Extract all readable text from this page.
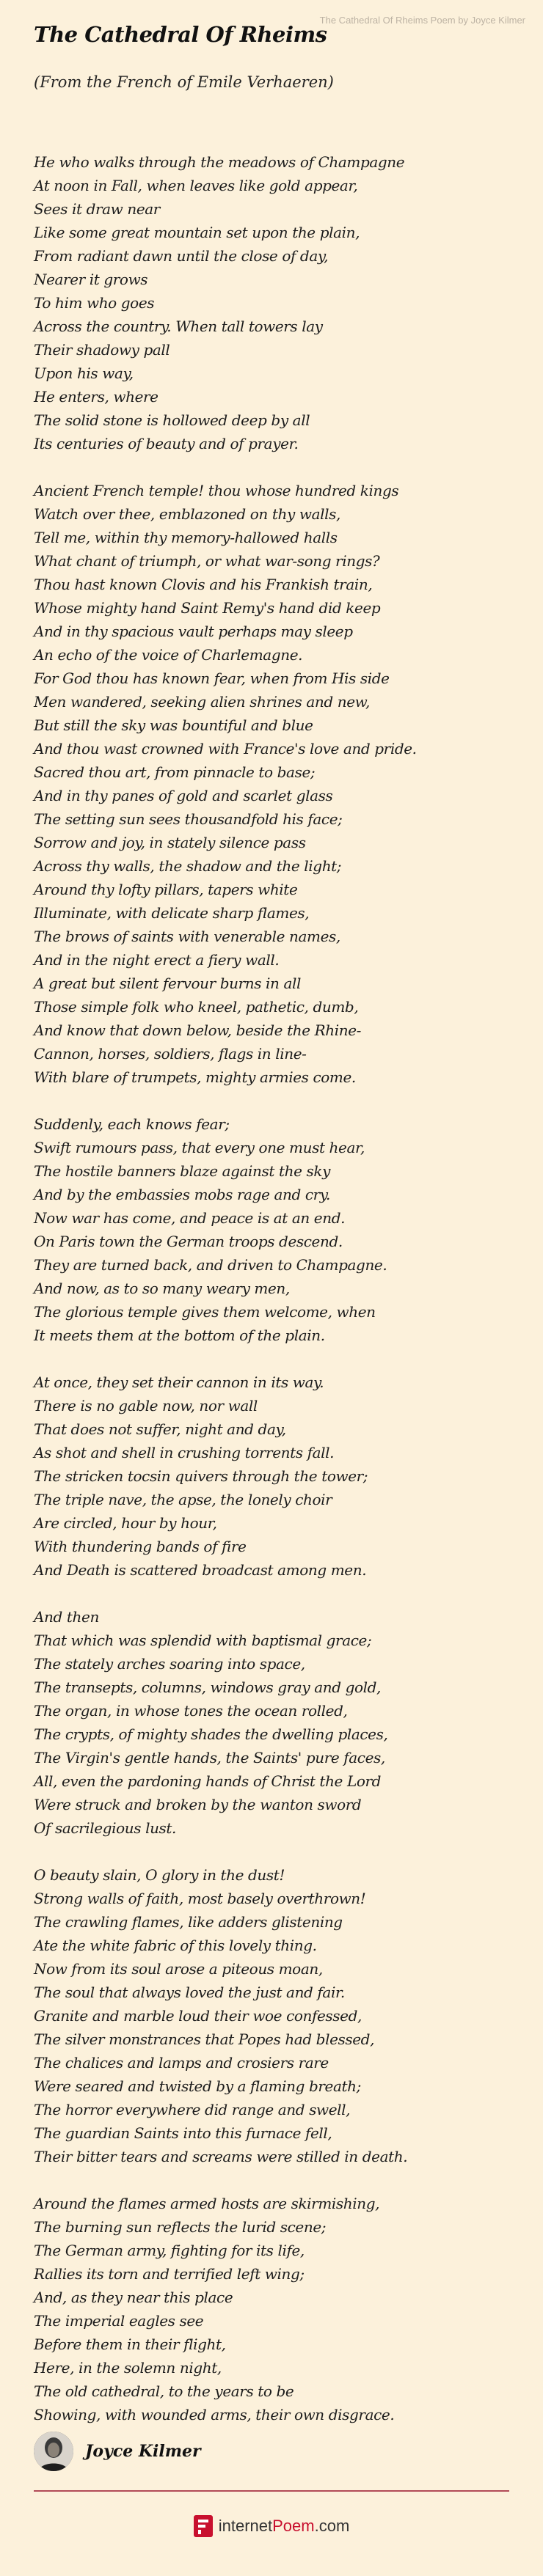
The Cathedral Of Rheims Poem by Joyce Kilmer
The Cathedral Of Rheims

(From the French of Emile Verhaeren)

He who walks through the meadows of Champagne
At noon in Fall, when leaves like gold appear,
Sees it draw near
Like some great mountain set upon the plain,
From radiant dawn until the close of day,
Nearer it grows
To him who goes
Across the country. When tall towers lay
Their shadowy pall
Upon his way,
He enters, where
The solid stone is hollowed deep by all
Its centuries of beauty and of prayer.
Ancient French temple! thou whose hundred kings
Watch over thee, emblazoned on thy walls,
Tell me, within thy memory-hallowed halls
What chant of triumph, or what war-song rings?
Thou hast known Clovis and his Frankish train,
Whose mighty hand Saint Remy's hand did keep
And in thy spacious vault perhaps may sleep
An echo of the voice of Charlemagne.
For God thou has known fear, when from His side
Men wandered, seeking alien shrines and new,
But still the sky was bountiful and blue
And thou wast crowned with France's love and pride.
Sacred thou art, from pinnacle to base;
And in thy panes of gold and scarlet glass
The setting sun sees thousandfold his face;
Sorrow and joy, in stately silence pass
Across thy walls, the shadow and the light;
Around thy lofty pillars, tapers white
Illuminate, with delicate sharp flames,
The brows of saints with venerable names,
And in the night erect a fiery wall.
A great but silent fervour burns in all
Those simple folk who kneel, pathetic, dumb,
And know that down below, beside the Rhine-
Cannon, horses, soldiers, flags in line-
With blare of trumpets, mighty armies come.
Suddenly, each knows fear;
Swift rumours pass, that every one must hear,
The hostile banners blaze against the sky
And by the embassies mobs rage and cry.
Now war has come, and peace is at an end.
On Paris town the German troops descend.
They are turned back, and driven to Champagne.
And now, as to so many weary men,
The glorious temple gives them welcome, when
It meets them at the bottom of the plain.
At once, they set their cannon in its way.
There is no gable now, nor wall
That does not suffer, night and day,
As shot and shell in crushing torrents fall.
The stricken tocsin quivers through the tower;
The triple nave, the apse, the lonely choir
Are circled, hour by hour,
With thundering bands of fire
And Death is scattered broadcast among men.
And then
That which was splendid with baptismal grace;
The stately arches soaring into space,
The transepts, columns, windows gray and gold,
The organ, in whose tones the ocean rolled,
The crypts, of mighty shades the dwelling places,
The Virgin's gentle hands, the Saints' pure faces,
All, even the pardoning hands of Christ the Lord
Were struck and broken by the wanton sword
Of sacrilegious lust.
O beauty slain, O glory in the dust!
Strong walls of faith, most basely overthrown!
The crawling flames, like adders glistening
Ate the white fabric of this lovely thing.
Now from its soul arose a piteous moan,
The soul that always loved the just and fair.
Granite and marble loud their woe confessed,
The silver monstrances that Popes had blessed,
The chalices and lamps and crosiers rare
Were seared and twisted by a flaming breath;
The horror everywhere did range and swell,
The guardian Saints into this furnace fell,
Their bitter tears and screams were stilled in death.
Around the flames armed hosts are skirmishing,
The burning sun reflects the lurid scene;
The German army, fighting for its life,
Rallies its torn and terrified left wing;
And, as they near this place
The imperial eagles see
Before them in their flight,
Here, in the solemn night,
The old cathedral, to the years to be
Showing, with wounded arms, their own disgrace.
Joyce Kilmer
internetPoem.com
